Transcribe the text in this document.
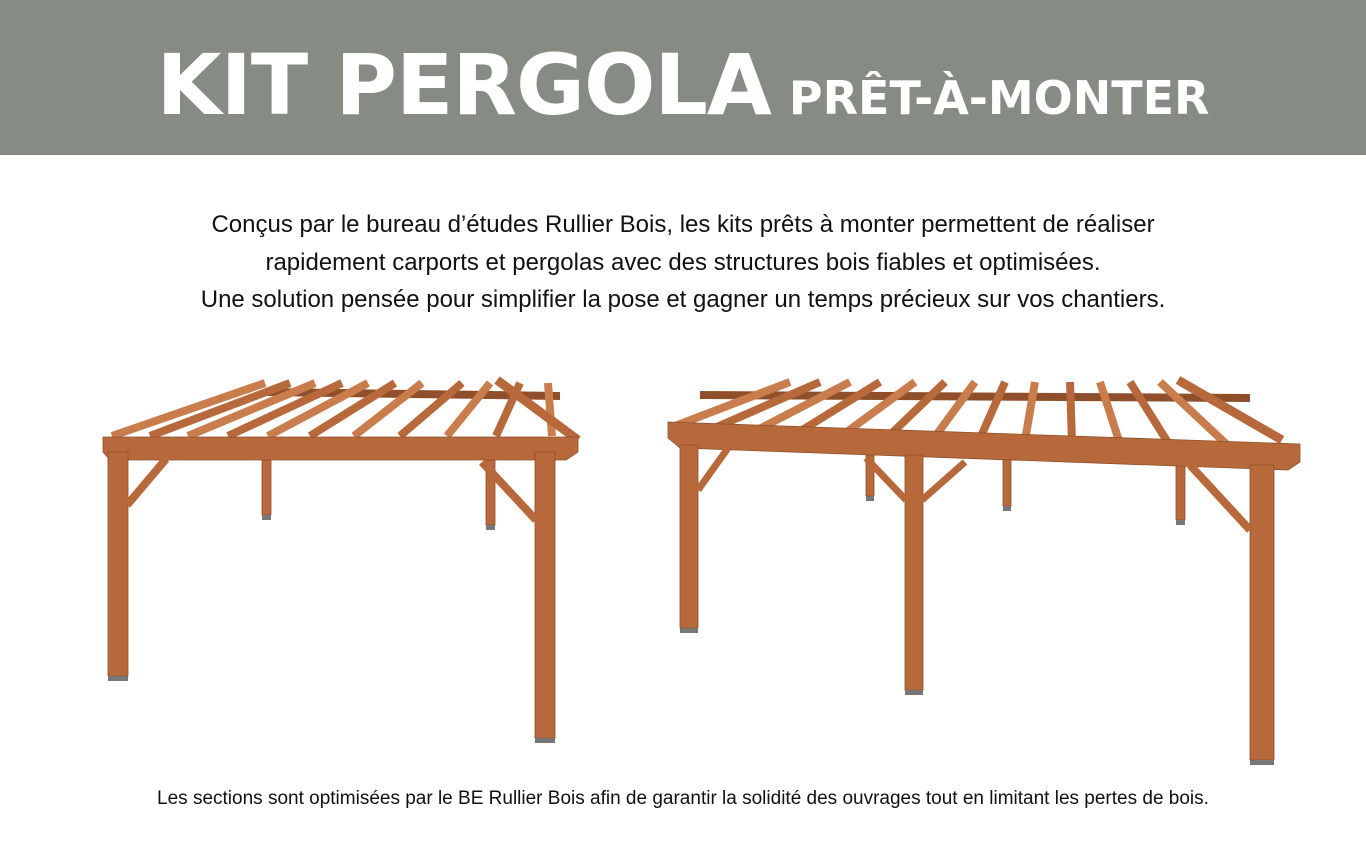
KIT PERGOLA PRÊT-À-MONTER
Conçus par le bureau d’études Rullier Bois, les kits prêts à monter permettent de réaliser
rapidement carports et pergolas avec des structures bois fiables et optimisées.
Une solution pensée pour simplifier la pose et gagner un temps précieux sur vos chantiers.
Les sections sont optimisées par le BE Rullier Bois afin de garantir la solidité des ouvrages tout en limitant les pertes de bois.
